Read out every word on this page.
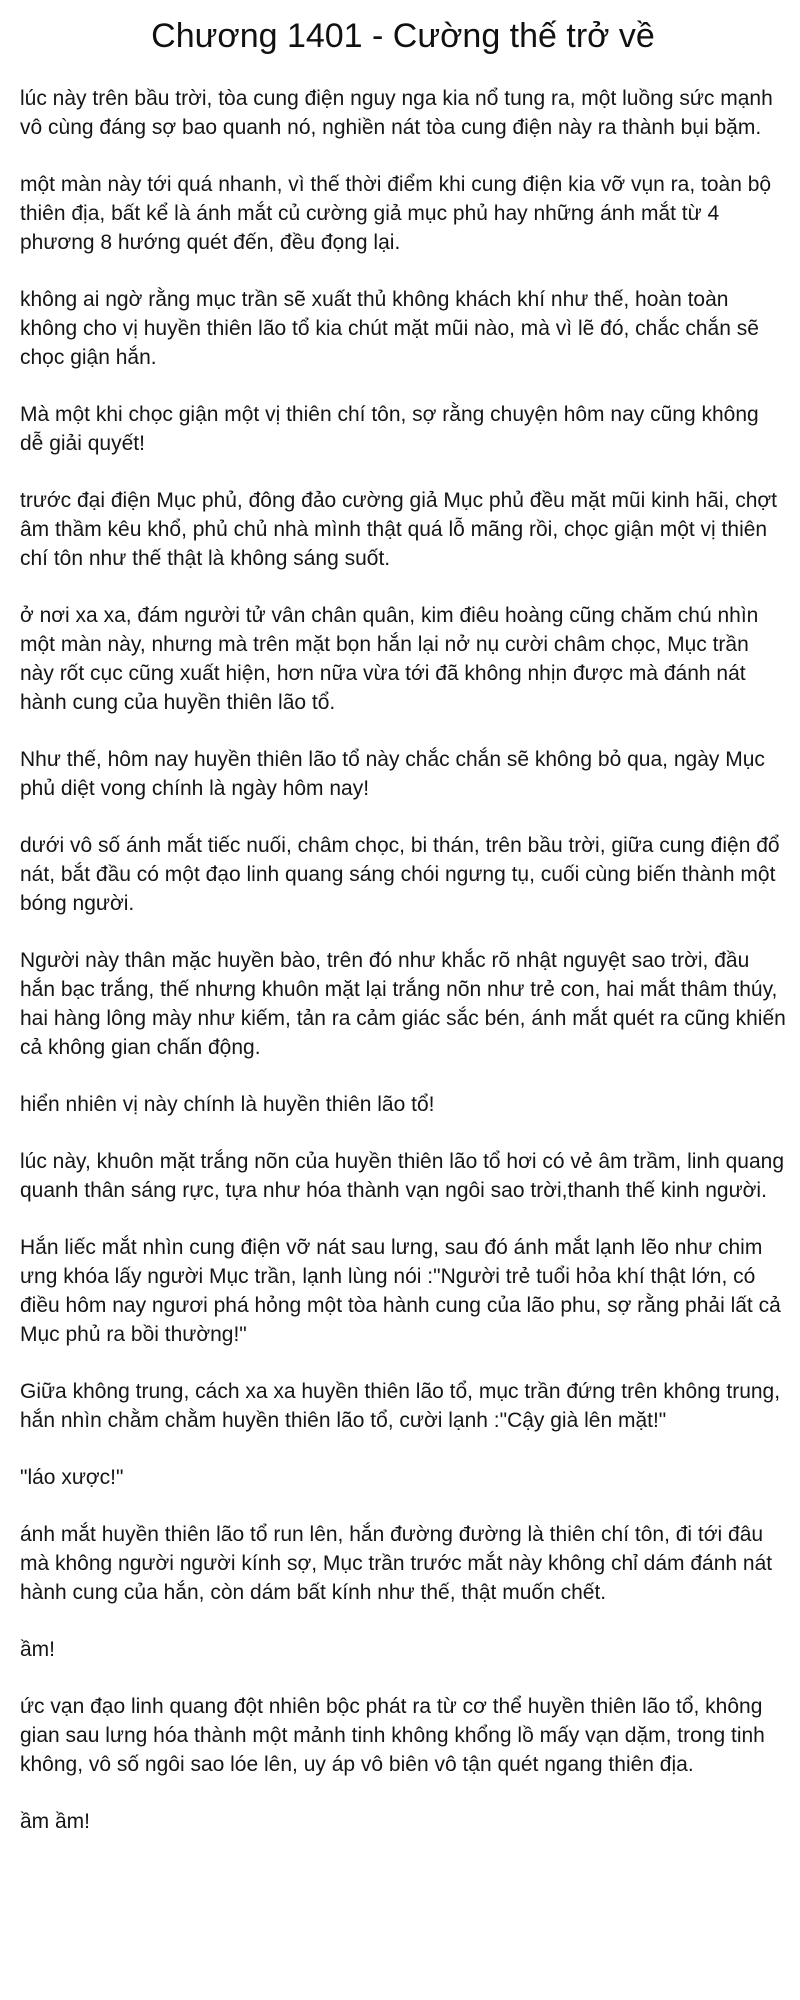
Chương 1401 - Cường thế trở về

lúc này trên bầu trời, tòa cung điện nguy nga kia nổ tung ra, một luồng sức mạnh vô cùng đáng sợ bao quanh nó, nghiền nát tòa cung điện này ra thành bụi bặm.

một màn này tới quá nhanh, vì thế thời điểm khi cung điện kia vỡ vụn ra, toàn bộ thiên địa, bất kể là ánh mắt củ cường giả mục phủ hay những ánh mắt từ 4 phương 8 hướng quét đến, đều đọng lại.

không ai ngờ rằng mục trần sẽ xuất thủ không khách khí như thế, hoàn toàn không cho vị huyền thiên lão tổ kia chút mặt mũi nào, mà vì lẽ đó, chắc chắn sẽ chọc giận hắn.

Mà một khi chọc giận một vị thiên chí tôn, sợ rằng chuyện hôm nay cũng không dễ giải quyết!

trước đại điện Mục phủ, đông đảo cường giả Mục phủ đều mặt mũi kinh hãi, chợt âm thầm kêu khổ, phủ chủ nhà mình thật quá lỗ mãng rồi, chọc giận một vị thiên chí tôn như thế thật là không sáng suốt.

ở nơi xa xa, đám người tử vân chân quân, kim điêu hoàng cũng chăm chú nhìn một màn này, nhưng mà trên mặt bọn hắn lại nở nụ cười châm chọc, Mục trần này rốt cục cũng xuất hiện, hơn nữa vừa tới đã không nhịn được mà đánh nát hành cung của huyền thiên lão tổ.

Như thế, hôm nay huyền thiên lão tổ này chắc chắn sẽ không bỏ qua, ngày Mục phủ diệt vong chính là ngày hôm nay!

dưới vô số ánh mắt tiếc nuối, châm chọc, bi thán, trên bầu trời, giữa cung điện đổ nát, bắt đầu có một đạo linh quang sáng chói ngưng tụ, cuối cùng biến thành một bóng người.

Người này thân mặc huyền bào, trên đó như khắc rõ nhật nguyệt sao trời, đầu hắn bạc trắng, thế nhưng khuôn mặt lại trắng nõn như trẻ con, hai mắt thâm thúy, hai hàng lông mày như kiếm, tản ra cảm giác sắc bén, ánh mắt quét ra cũng khiến cả không gian chấn động.

hiển nhiên vị này chính là huyền thiên lão tổ!

lúc này, khuôn mặt trắng nõn của huyền thiên lão tổ hơi có vẻ âm trầm, linh quang quanh thân sáng rực, tựa như hóa thành vạn ngôi sao trời,thanh thế kinh người.

Hắn liếc mắt nhìn cung điện vỡ nát sau lưng, sau đó ánh mắt lạnh lẽo như chim ưng khóa lấy người Mục trần, lạnh lùng nói :"Người trẻ tuổi hỏa khí thật lớn, có điều hôm nay ngươi phá hỏng một tòa hành cung của lão phu, sợ rằng phải lất cả Mục phủ ra bồi thường!"

Giữa không trung, cách xa xa huyền thiên lão tổ, mục trần đứng trên không trung, hắn nhìn chằm chằm huyền thiên lão tổ, cười lạnh :"Cậy già lên mặt!"

"láo xược!"

ánh mắt huyền thiên lão tổ run lên, hắn đường đường là thiên chí tôn, đi tới đâu mà không người người kính sợ, Mục trần trước mắt này không chỉ dám đánh nát hành cung của hắn, còn dám bất kính như thế, thật muốn chết.

ầm!

ức vạn đạo linh quang đột nhiên bộc phát ra từ cơ thể huyền thiên lão tổ, không gian sau lưng hóa thành một mảnh tinh không khổng lồ mấy vạn dặm, trong tinh không, vô số ngôi sao lóe lên, uy áp vô biên vô tận quét ngang thiên địa.

ầm ầm!
